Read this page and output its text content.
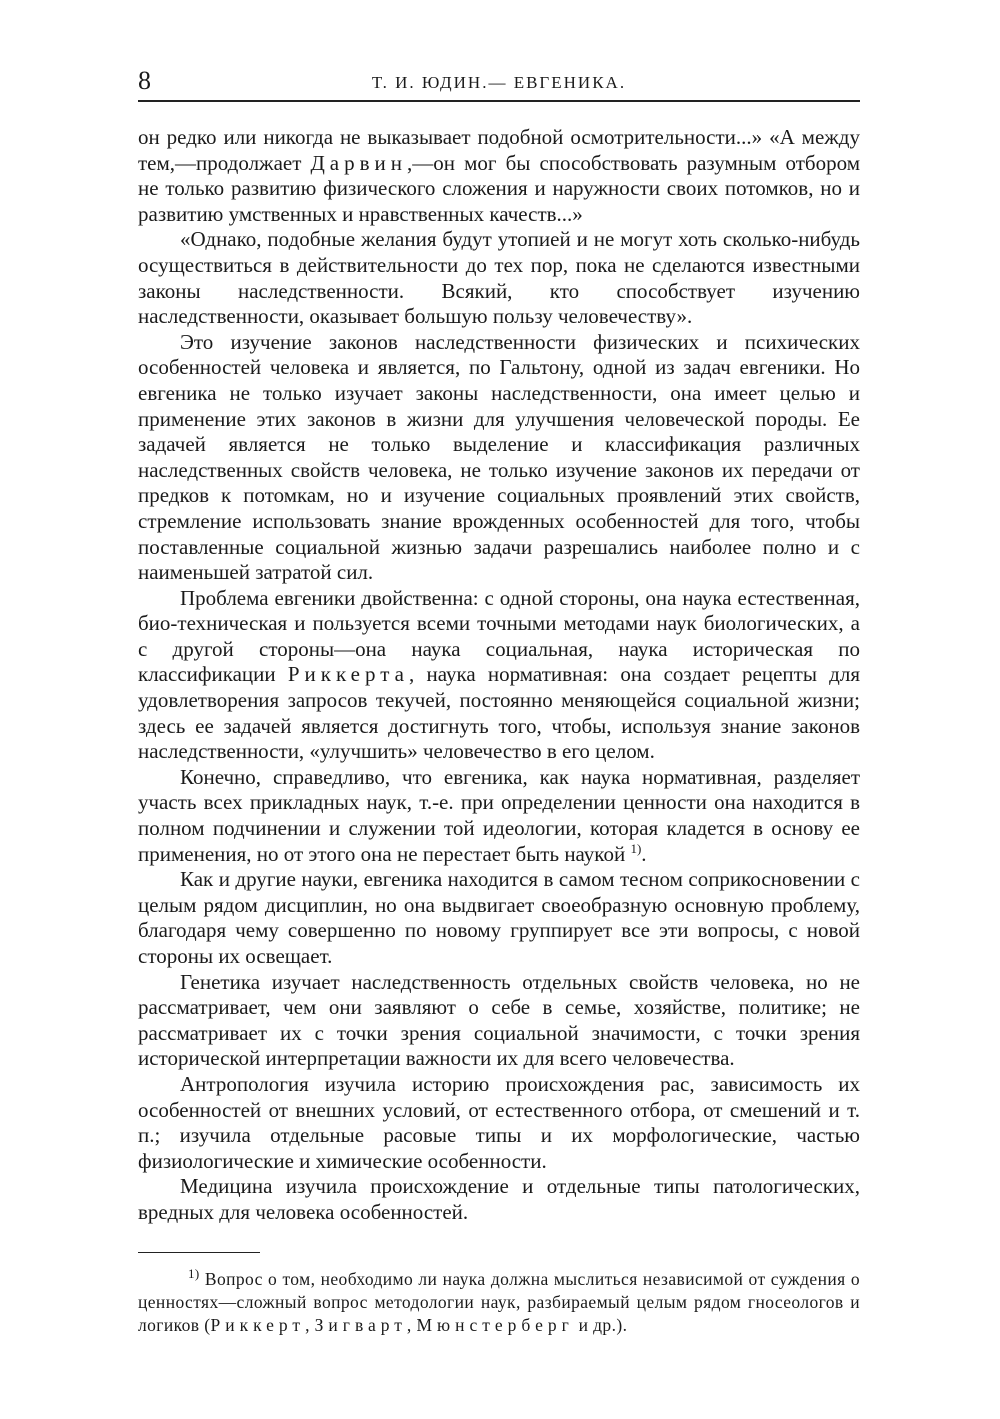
8	Т. И. ЮДИН.— ЕВГЕНИКА.

он редко или никогда не выказывает подобной осмотрительности...» «А между тем,—продолжает Дарвин,—он мог бы способствовать разумным отбором не только развитию физического сложения и наружности своих потомков, но и развитию умственных и нравственных качеств...»

«Однако, подобные желания будут утопией и не могут хоть сколько-нибудь осуществиться в действительности до тех пор, пока не сделаются известными законы наследственности. Всякий, кто способствует изучению наследственности, оказывает большую пользу человечеству».

Это изучение законов наследственности физических и психических особенностей человека и является, по Гальтону, одной из задач евгеники. Но евгеника не только изучает законы наследственности, она имеет целью и применение этих законов в жизни для улучшения человеческой породы. Ее задачей является не только выделение и классификация различных наследственных свойств человека, не только изучение законов их передачи от предков к потомкам, но и изучение социальных проявлений этих свойств, стремление использовать знание врожденных особенностей для того, чтобы поставленные социальной жизнью задачи разрешались наиболее полно и с наименьшей затратой сил.

Проблема евгеники двойственна: с одной стороны, она наука естественная, био-техническая и пользуется всеми точными методами наук биологических, а с другой стороны—она наука социальная, наука историческая по классификации Риккерта, наука нормативная: она создает рецепты для удовлетворения запросов текучей, постоянно меняющейся социальной жизни; здесь ее задачей является достигнуть того, чтобы, используя знание законов наследственности, «улучшить» человечество в его целом.

Конечно, справедливо, что евгеника, как наука нормативная, разделяет участь всех прикладных наук, т.-е. при определении ценности она находится в полном подчинении и служении той идеологии, которая кладется в основу ее применения, но от этого она не перестает быть наукой $^{1)}$.

Как и другие науки, евгеника находится в самом тесном соприкосновении с целым рядом дисциплин, но она выдвигает своеобразную основную проблему, благодаря чему совершенно по новому группирует все эти вопросы, с новой стороны их освещает.

Генетика изучает наследственность отдельных свойств человека, но не рассматривает, чем они заявляют о себе в семье, хозяйстве, политике; не рассматривает их с точки зрения социальной значимости, с точки зрения исторической интерпретации важности их для всего человечества.

Антропология изучила историю происхождения рас, зависимость их особенностей от внешних условий, от естественного отбора, от смешений и т. п.; изучила отдельные расовые типы и их морфологические, частью физиологические и химические особенности.

Медицина изучила происхождение и отдельные типы патологических, вредных для человека особенностей.

$^{1)}$ Вопрос о том, необходимо ли наука должна мыслиться независимой от суждения о ценностях—сложный вопрос методологии наук, разбираемый целым рядом гносеологов и логиков (Риккерт, Зигварт, Мюнстерберг и др.).
